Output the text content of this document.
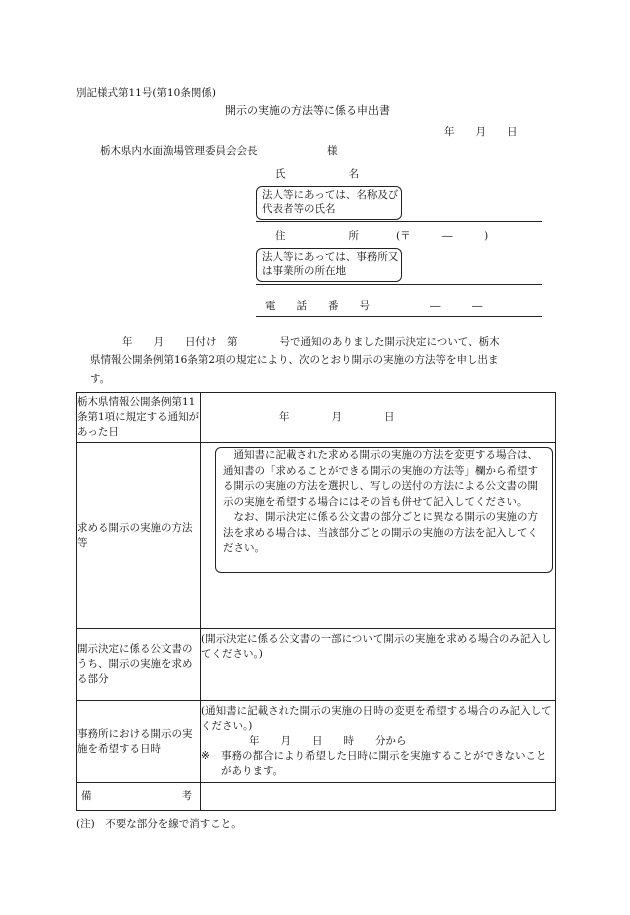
別記様式第11号(第10条関係)
開示の実施の方法等に係る申出書
年　　月　　日
栃木県内水面漁場管理委員会会長	様
氏　　　　　　名
法人等にあっては、名称及び代表者等の氏名
住　　　　　　所	(〒　　　―　　　)
法人等にあっては、事務所又は事業所の所在地
電　　話　　番　　号	―　　　―
年　　月　　日付け　第　　　　号で通知のありました開示決定について、栃木
県情報公開条例第16条第2項の規定により、次のとおり開示の実施の方法等を申し出ま
す。
栃木県情報公開条例第11条第1項に規定する通知があった日	年　　　　月　　　　日
求める開示の実施の方法等	通知書に記載された求める開示の実施の方法を変更する場合は、通知書の「求めることができる開示の実施の方法等」欄から希望する開示の実施の方法を選択し、写しの送付の方法による公文書の開示の実施を希望する場合にはその旨も併せて記入してください。
なお、開示決定に係る公文書の部分ごとに異なる開示の実施の方法を求める場合は、当該部分ごとの開示の実施の方法を記入してください。

開示決定に係る公文書のうち、開示の実施を求める部分	(開示決定に係る公文書の一部について開示の実施を求める場合のみ記入してください。)
事務所における開示の実施を希望する日時	(通知書に記載された開示の実施の日時の変更を希望する場合のみ記入してください。)
年　　月　　日　　時　　分から
※ 事務の都合により希望した日時に開示を実施することができないことがあります。

備 考	

(注)　不要な部分を線で消すこと。
